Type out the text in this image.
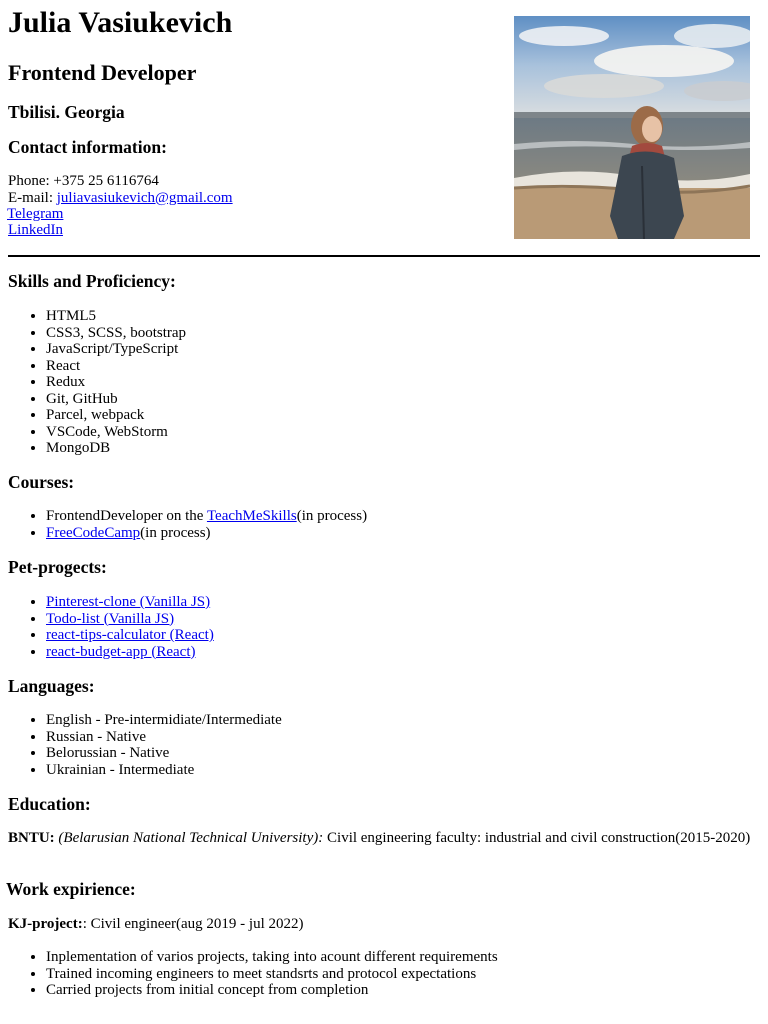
Julia Vasiukevich
Frontend Developer
Tbilisi. Georgia
Contact information:
Phone: +375 25 6116764
E-mail: juliavasiukevich@gmail.com
Telegram
LinkedIn
Skills and Proficiency:
• HTML5
• CSS3, SCSS, bootstrap
• JavaScript/TypeScript
• React
• Redux
• Git, GitHub
• Parcel, webpack
• VSCode, WebStorm
• MongoDB
Courses:
• FrontendDeveloper on the TeachMeSkills(in process)
• FreeCodeCamp(in process)
Pet-progects:
• Pinterest-clone (Vanilla JS)
• Todo-list (Vanilla JS)
• react-tips-calculator (React)
• react-budget-app (React)
Languages:
• English - Pre-intermidiate/Intermediate
• Russian - Native
• Belorussian - Native
• Ukrainian - Intermediate
Education:
BNTU: (Belarusian National Technical University): Civil engineering faculty: industrial and civil construction(2015-2020)
Work expirience:
KJ-project:: Civil engineer(aug 2019 - jul 2022)
• Inplementation of varios projects, taking into acount different requirements
• Trained incoming engineers to meet standsrts and protocol expectations
• Carried projects from initial concept from completion
